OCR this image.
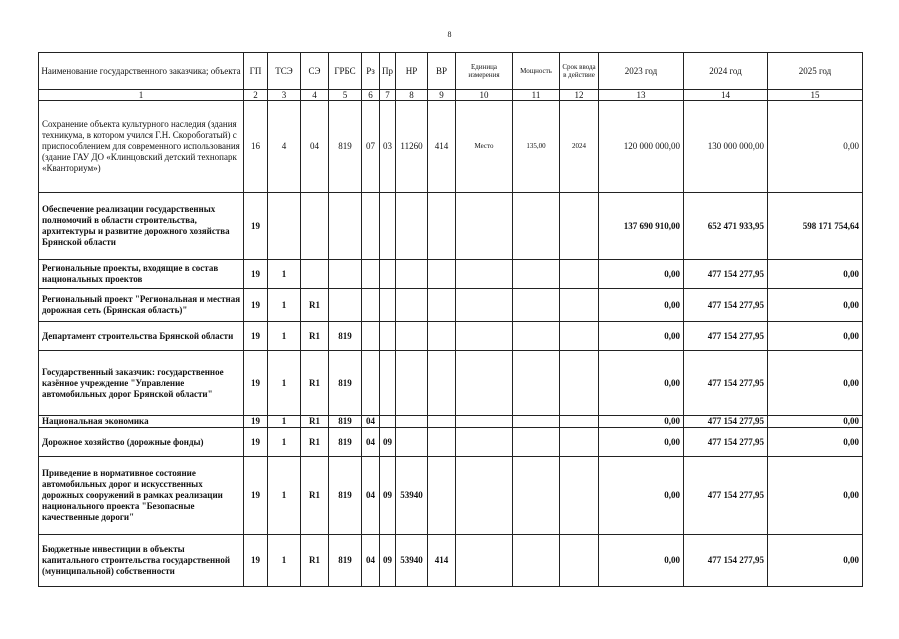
8
Наименование государственного заказчика; объекта	ГП	ТСЭ	СЭ	ГРБС	Рз	Пр	НР	ВР	Единица измерения	Мощность	Срок ввода в действие	2023 год	2024 год	2025 год
1	2	3	4	5	6	7	8	9	10	11	12	13	14	15
Сохранение объекта культурного наследия (здания техникума, в котором учился Г.Н. Скоробогатый) с приспособлением для современного использования (здание ГАУ ДО «Клинцовский детский технопарк «Кванториум»)	16	4	04	819	07	03	11260	414	Место	135,00	2024	120 000 000,00	130 000 000,00	0,00
Обеспечение реализации государственных полномочий в области строительства, архитектуры и развитие дорожного хозяйства Брянской области	19											137 690 910,00	652 471 933,95	598 171 754,64
Региональные проекты, входящие в состав национальных проектов	19	1										0,00	477 154 277,95	0,00
Региональный проект "Региональная и местная дорожная сеть (Брянская область)"	19	1	R1									0,00	477 154 277,95	0,00
Департамент строительства Брянской области	19	1	R1	819								0,00	477 154 277,95	0,00
Государственный заказчик: государственное казённое учреждение "Управление автомобильных дорог Брянской области"	19	1	R1	819								0,00	477 154 277,95	0,00
Национальная экономика	19	1	R1	819	04							0,00	477 154 277,95	0,00
Дорожное хозяйство (дорожные фонды)	19	1	R1	819	04	09						0,00	477 154 277,95	0,00
Приведение в нормативное состояние автомобильных дорог и искусственных дорожных сооружений в рамках реализации национального проекта "Безопасные качественные дороги"	19	1	R1	819	04	09	53940					0,00	477 154 277,95	0,00
Бюджетные инвестиции в объекты капитального строительства государственной (муниципальной) собственности	19	1	R1	819	04	09	53940	414				0,00	477 154 277,95	0,00
